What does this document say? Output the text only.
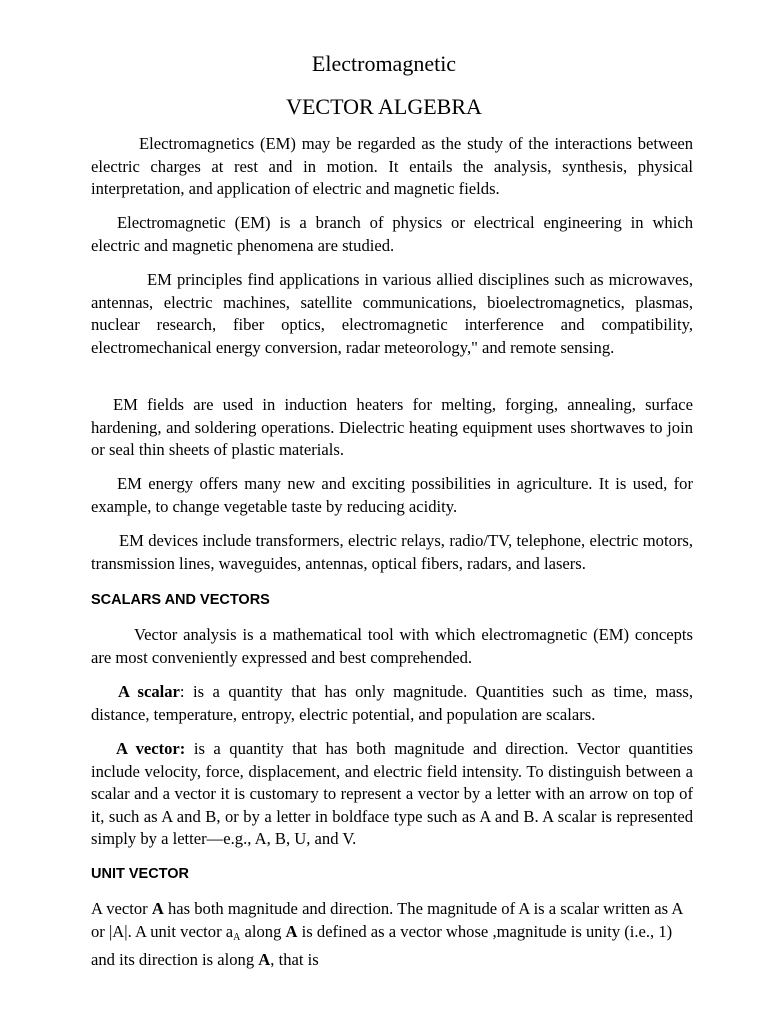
Electromagnetic
VECTOR ALGEBRA

Electromagnetics (EM) may be regarded as the study of the interactions between electric charges at rest and in motion. It entails the analysis, synthesis, physical interpretation, and application of electric and magnetic fields.

Electromagnetic (EM) is a branch of physics or electrical engineering in which electric and magnetic phenomena are studied.

EM principles find applications in various allied disciplines such as microwaves, antennas, electric machines, satellite communications, bioelectromagnetics, plasmas, nuclear research, fiber optics, electromagnetic interference and compatibility, electromechanical energy conversion, radar meteorology," and remote sensing.

EM fields are used in induction heaters for melting, forging, annealing, surface hardening, and soldering operations. Dielectric heating equipment uses shortwaves to join or seal thin sheets of plastic materials.

EM energy offers many new and exciting possibilities in agriculture. It is used, for example, to change vegetable taste by reducing acidity.

EM devices include transformers, electric relays, radio/TV, telephone, electric motors, transmission lines, waveguides, antennas, optical fibers, radars, and lasers.

SCALARS AND VECTORS

Vector analysis is a mathematical tool with which electromagnetic (EM) concepts are most conveniently expressed and best comprehended.

A scalar: is a quantity that has only magnitude. Quantities such as time, mass, distance, temperature, entropy, electric potential, and population are scalars.

A vector: is a quantity that has both magnitude and direction. Vector quantities include velocity, force, displacement, and electric field intensity. To distinguish between a scalar and a vector it is customary to represent a vector by a letter with an arrow on top of it, such as A and B, or by a letter in boldface type such as A and B. A scalar is represented simply by a letter—e.g., A, B, U, and V.

UNIT VECTOR

A vector A has both magnitude and direction. The magnitude of A is a scalar written as A or |A|. A unit vector $a_A$ along A is defined as a vector whose ,magnitude is unity (i.e., 1) and its direction is along A, that is
